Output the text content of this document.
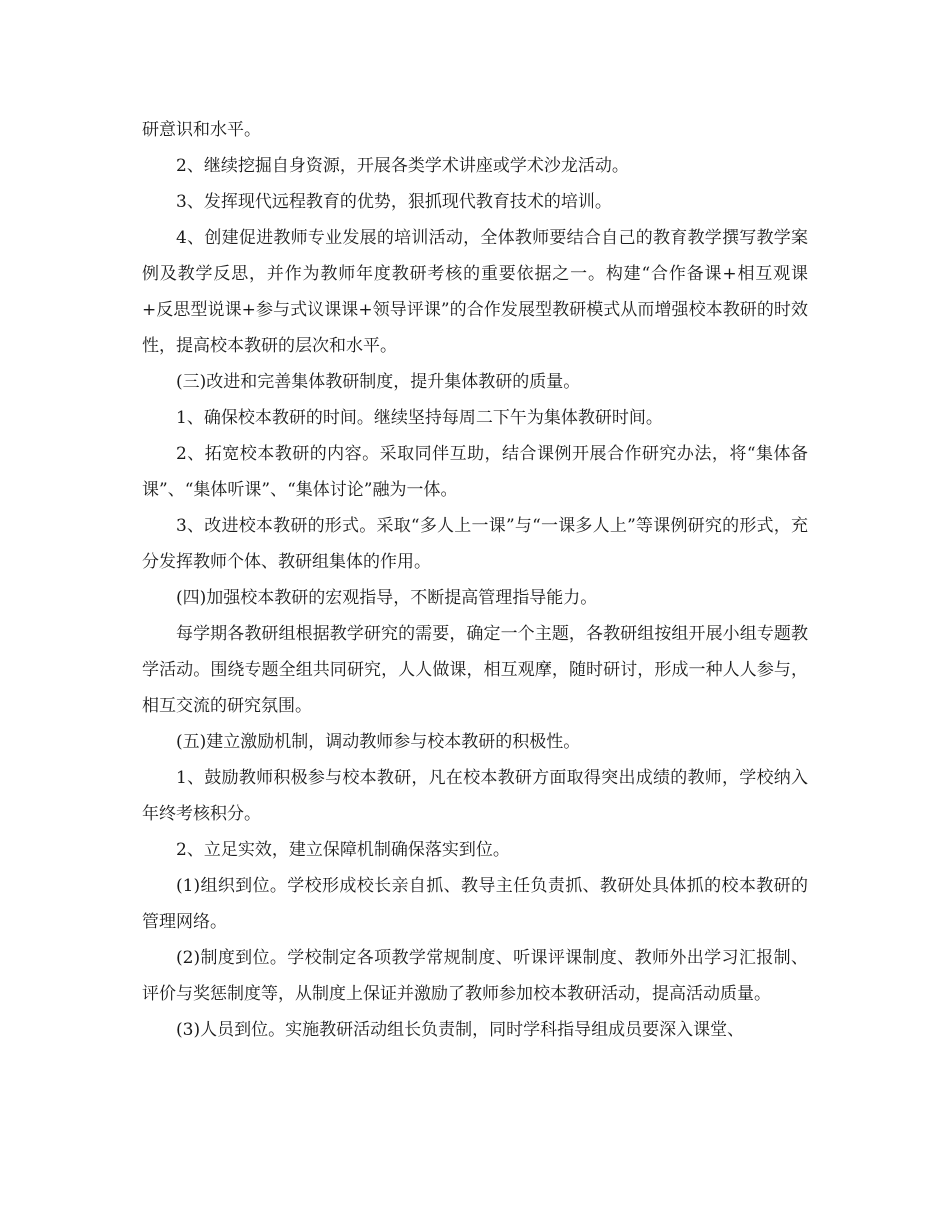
研意识和水平。

2、继续挖掘自身资源，开展各类学术讲座或学术沙龙活动。

3、发挥现代远程教育的优势，狠抓现代教育技术的培训。

4、创建促进教师专业发展的培训活动，全体教师要结合自己的教育教学撰写教学案例及教学反思，并作为教师年度教研考核的重要依据之一。构建“合作备课+相互观课+反思型说课+参与式议课课+领导评课”的合作发展型教研模式从而增强校本教研的时效性，提高校本教研的层次和水平。

(三)改进和完善集体教研制度，提升集体教研的质量。

1、确保校本教研的时间。继续坚持每周二下午为集体教研时间。

2、拓宽校本教研的内容。采取同伴互助，结合课例开展合作研究办法，将“集体备课”、“集体听课”、“集体讨论”融为一体。

3、改进校本教研的形式。采取“多人上一课”与“一课多人上”等课例研究的形式，充分发挥教师个体、教研组集体的作用。

(四)加强校本教研的宏观指导，不断提高管理指导能力。

每学期各教研组根据教学研究的需要，确定一个主题，各教研组按组开展小组专题教学活动。围绕专题全组共同研究，人人做课，相互观摩，随时研讨，形成一种人人参与，相互交流的研究氛围。

(五)建立激励机制，调动教师参与校本教研的积极性。

1、鼓励教师积极参与校本教研，凡在校本教研方面取得突出成绩的教师，学校纳入年终考核积分。

2、立足实效，建立保障机制确保落实到位。

(1)组织到位。学校形成校长亲自抓、教导主任负责抓、教研处具体抓的校本教研的管理网络。

(2)制度到位。学校制定各项教学常规制度、听课评课制度、教师外出学习汇报制、评价与奖惩制度等，从制度上保证并激励了教师参加校本教研活动，提高活动质量。

(3)人员到位。实施教研活动组长负责制，同时学科指导组成员要深入课堂、
